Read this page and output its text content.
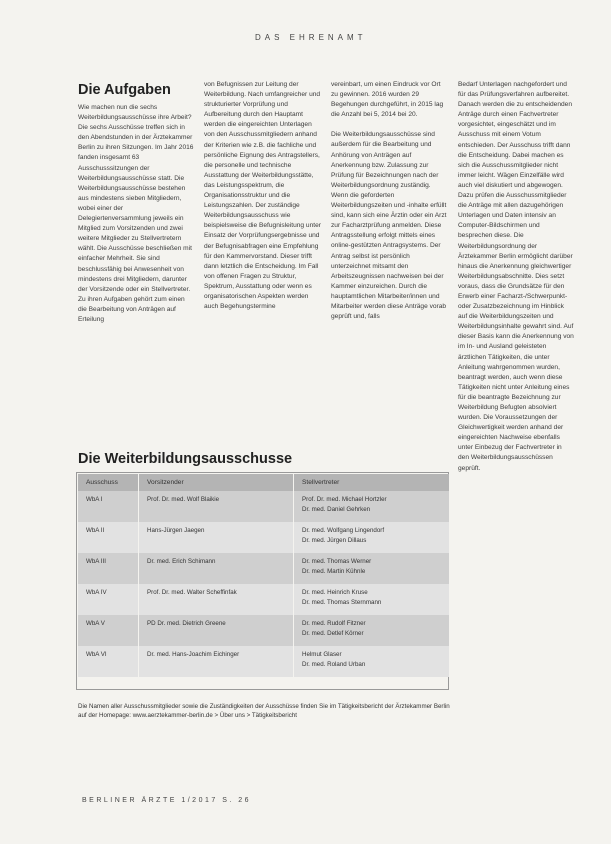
DAS EHRENAMT
Die Aufgaben

Wie machen nun die sechs Weiterbildungsausschüsse ihre Arbeit? Die sechs Ausschüsse treffen sich in den Abendstunden in der Ärztekammer Berlin zu ihren Sitzungen. Im Jahr 2016 fanden insgesamt 63 Ausschusssitzungen der Weiterbildungsausschüsse statt. Die Weiterbildungsausschüsse bestehen aus mindestens sieben Mitgliedern, wobei einer der Delegiertenversammlung jeweils ein Mitglied zum Vorsitzenden und zwei weitere Mitglieder zu Stellvertretern wählt. Die Ausschüsse beschließen mit einfacher Mehrheit. Sie sind beschlussfähig bei Anwesenheit von mindestens drei Mitgliedern, darunter der Vorsitzende oder ein Stellvertreter. Zu ihren Aufgaben gehört zum einen die Bearbeitung von Anträgen auf Erteilung

von Befugnissen zur Leitung der Weiterbildung. Nach umfangreicher und strukturierter Vorprüfung und Aufbereitung durch den Hauptamt werden die eingereichten Unterlagen von den Ausschussmitgliedern anhand der Kriterien wie z.B. die fachliche und persönliche Eignung des Antragstellers, die personelle und technische Ausstattung der Weiterbildungsstätte, das Leistungsspektrum, die Organisationsstruktur und die Leistungszahlen. Der zuständige Weiterbildungsausschuss wie beispielsweise die Befugnisleitung unter Einsatz der Vorprüfungsergebnisse und der Befugnisabfragen eine Empfehlung für den Kammervorstand. Dieser trifft dann letztlich die Entscheidung. Im Fall von offenen Fragen zu Struktur, Spektrum, Ausstattung oder wenn es organisatorischen Aspekten werden auch Begehungstermine

vereinbart, um einen Eindruck vor Ort zu gewinnen. 2016 wurden 29 Begehungen durchgeführt, in 2015 lag die Anzahl bei 5, 2014 bei 20.

Die Weiterbildungsausschüsse sind außerdem für die Bearbeitung und Anhörung von Anträgen auf Anerkennung bzw. Zulassung zur Prüfung für Bezeichnungen nach der Weiterbildungsordnung zuständig. Wenn die geforderten Weiterbildungszeiten und -inhalte erfüllt sind, kann sich eine Ärztin oder ein Arzt zur Facharztprüfung anmelden. Diese Antragsstellung erfolgt mittels eines online-gestützten Antragsystems. Der Antrag selbst ist persönlich unterzeichnet mitsamt den Arbeitszeugnissen nachweisen bei der Kammer einzureichen. Durch die hauptamtlichen Mitarbeiter/innen und Mitarbeiter werden diese Anträge vorab geprüft und, falls

Bedarf Unterlagen nachgefordert und für das Prüfungsverfahren aufbereitet. Danach werden die zu entscheidenden Anträge durch einen Fachvertreter vorgesichtet, eingeschätzt und im Ausschuss mit einem Votum entschieden. Der Ausschuss trifft dann die Entscheidung. Dabei machen es sich die Ausschussmitglieder nicht immer leicht. Wägen Einzelfälle wird auch viel diskutiert und abgewogen. Dazu prüfen die Ausschussmitglieder die Anträge mit allen dazugehörigen Unterlagen und Daten intensiv an Computer-Bildschirmen und besprechen diese. Die Weiterbildungsordnung der Ärztekammer Berlin ermöglicht darüber hinaus die Anerkennung gleichwertiger Weiterbildungsabschnitte. Dies setzt voraus, dass die Grundsätze für den Erwerb einer Facharzt-/Schwerpunkt- oder Zusatzbezeichnung im Hinblick auf die Weiterbildungszeiten und Weiterbildungsinhalte gewahrt sind. Auf dieser Basis kann die Anerkennung von im In- und Ausland geleisteten ärztlichen Tätigkeiten, die unter Anleitung wahrgenommen wurden, beantragt werden, auch wenn diese Tätigkeiten nicht unter Anleitung eines für die beantragte Bezeichnung zur Weiterbildung Befugten absolviert wurden. Die Voraussetzungen der Gleichwertigkeit werden anhand der eingereichten Nachweise ebenfalls unter Einbezug der Fachvertreter in den Weiterbildungsausschüssen geprüft.

Die Weiterbildungsausschusse
Ausschuss	Vorsitzender	Stellvertreter
WbA I	Prof. Dr. med. Wolf Blaikie	Prof. Dr. med. Michael Hortzler
Dr. med. Daniel Gehrken

WbA II	Hans-Jürgen Jaegen	Dr. med. Wolfgang Lingendorf
Dr. med. Jürgen Dillaus

WbA III	Dr. med. Erich Schimann	Dr. med. Thomas Werner
Dr. med. Martin Kühnle

WbA IV	Prof. Dr. med. Walter Scheffinfak	Dr. med. Heinrich Kruse
Dr. med. Thomas Sternmann

WbA V	PD Dr. med. Dietrich Greene	Dr. med. Rudolf Fitzner
Dr. med. Detlef Körner

WbA VI	Dr. med. Hans-Joachim Eichinger	Helmut Glaser
Dr. med. Roland Urban
Die Namen aller Ausschussmitglieder sowie die Zuständigkeiten der Ausschüsse finden Sie im Tätigkeitsbericht der Ärztekammer Berlin auf der Homepage: www.aerztekammer-berlin.de > Über uns > Tätigkeitsbericht
BERLINER ÄRZTE 1/2017 S. 26
